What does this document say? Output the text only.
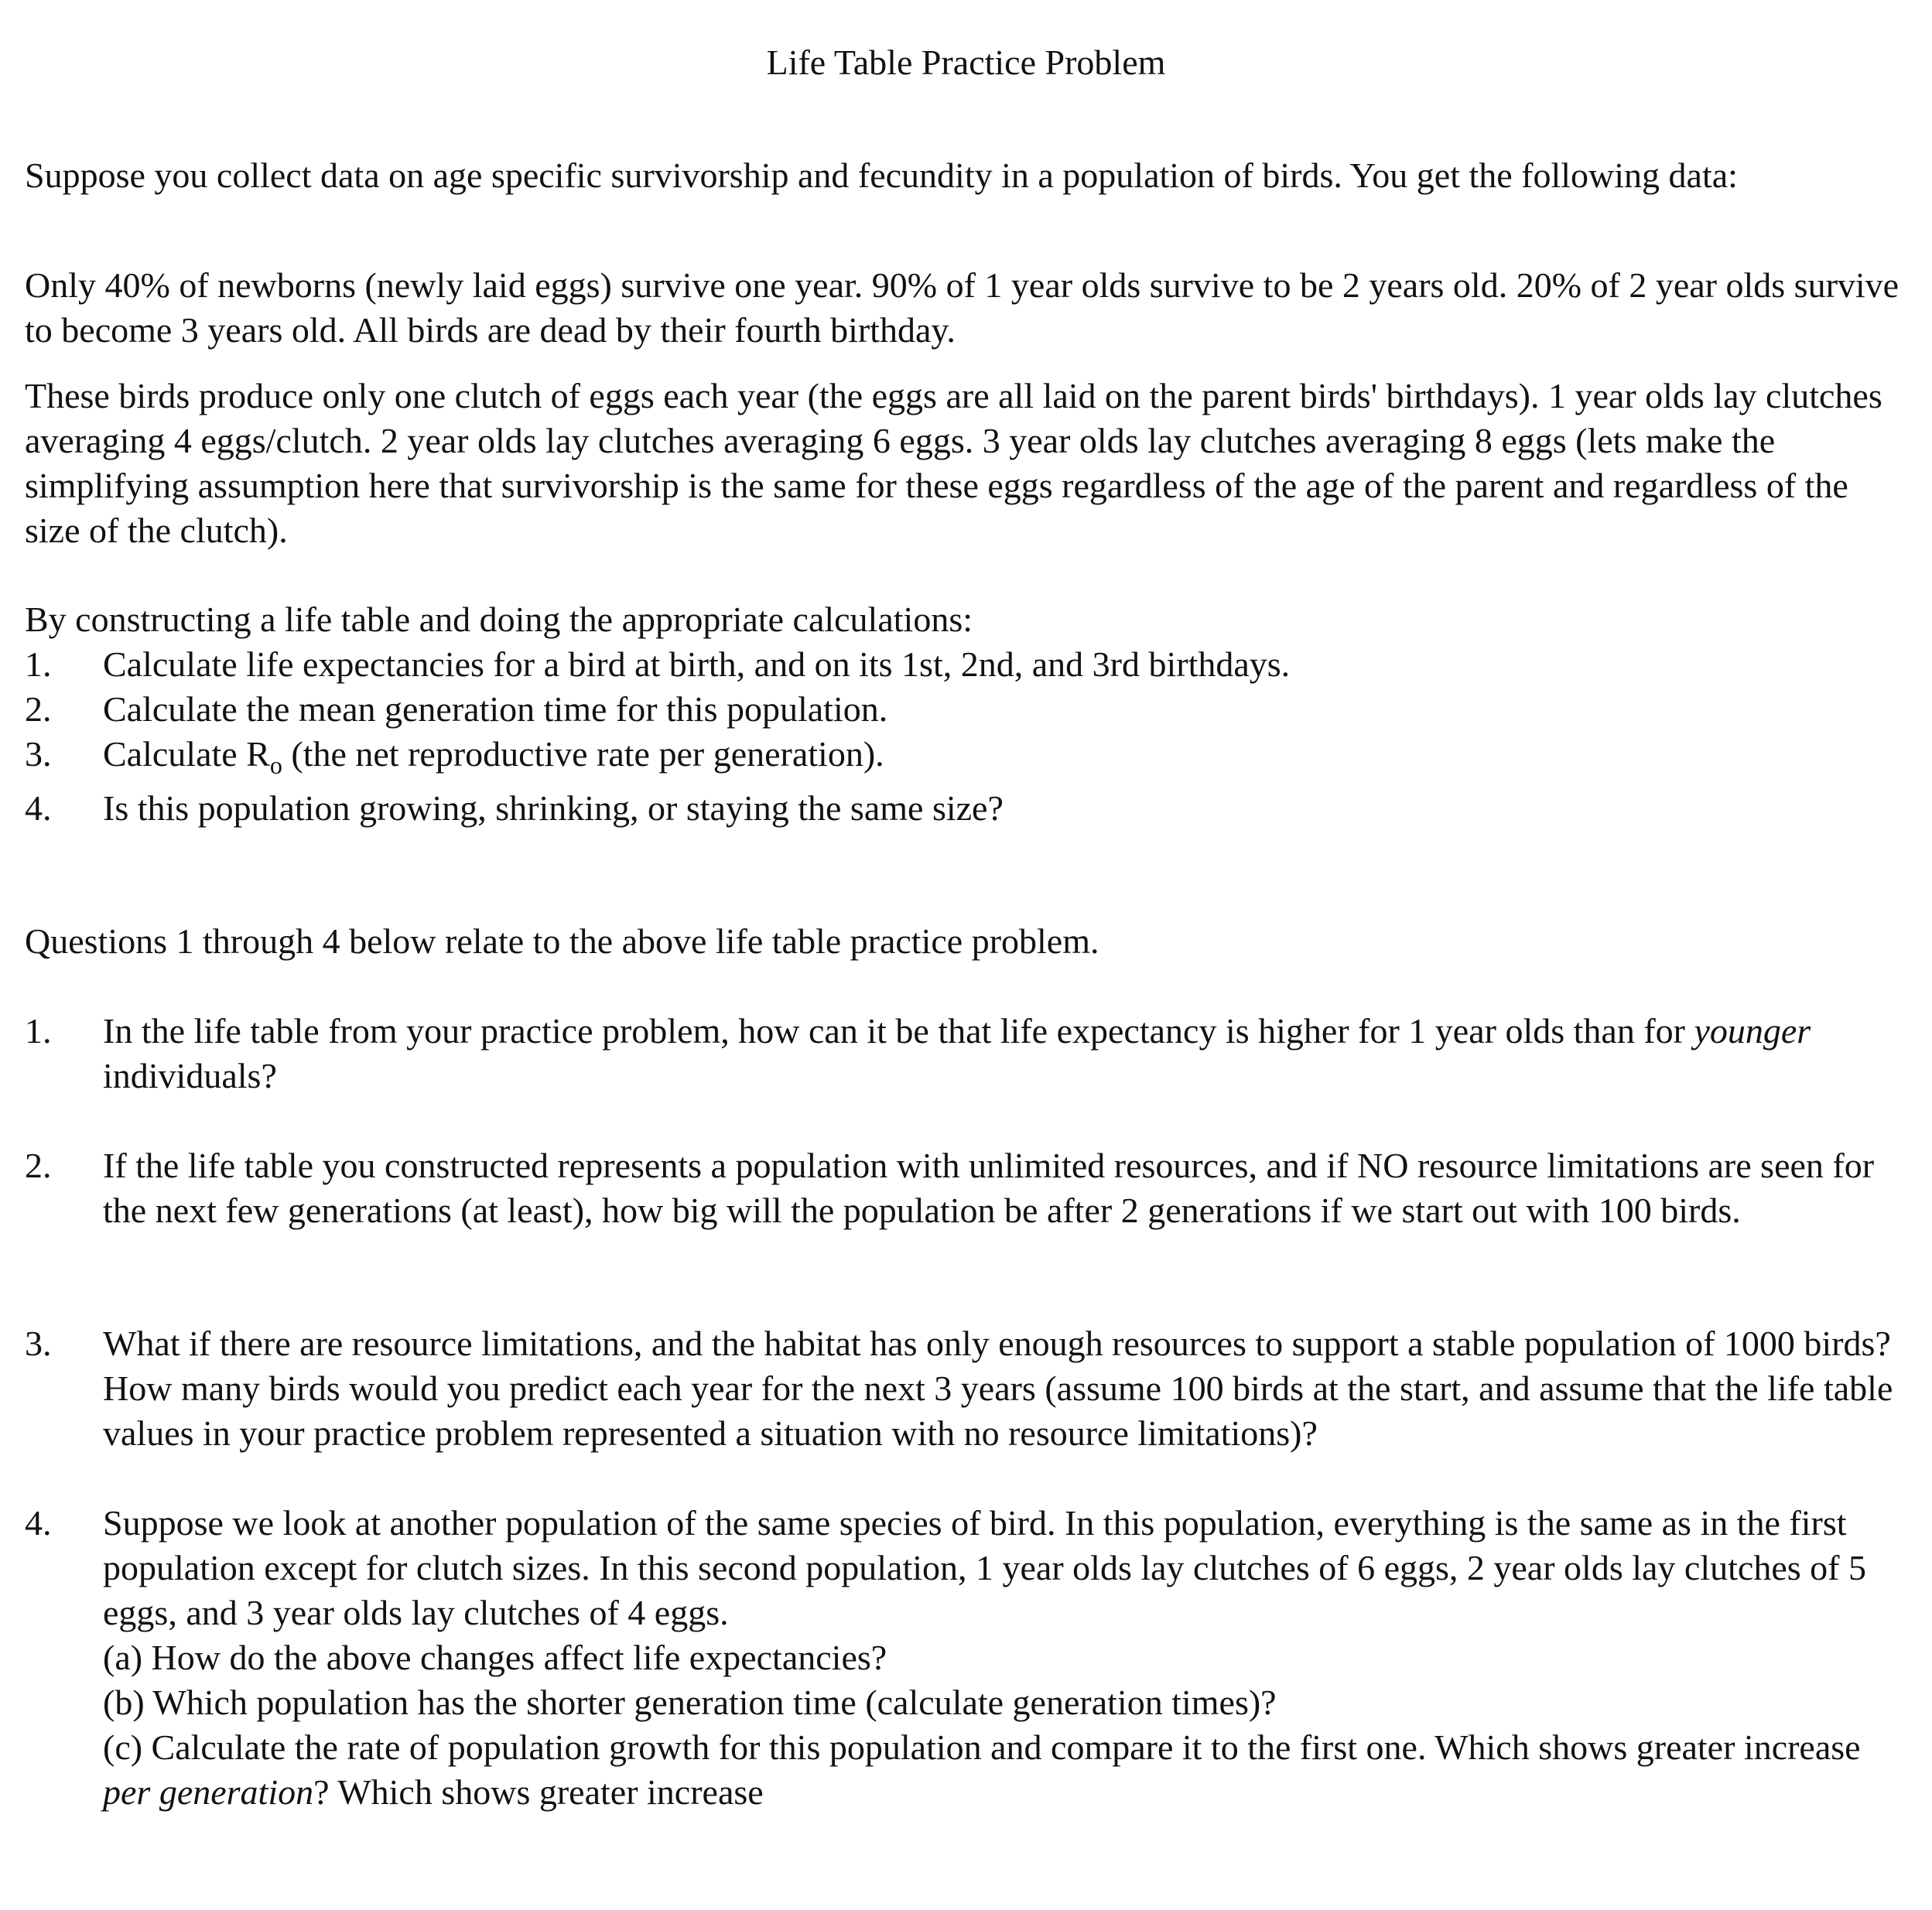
Life Table Practice Problem

Suppose you collect data on age specific survivorship and fecundity in a population of birds. You get the following data:

Only 40% of newborns (newly laid eggs) survive one year. 90% of 1 year olds survive to be 2 years old. 20% of 2 year olds survive to become 3 years old. All birds are dead by their fourth birthday.

These birds produce only one clutch of eggs each year (the eggs are all laid on the parent birds' birthdays). 1 year olds lay clutches averaging 4 eggs/clutch. 2 year olds lay clutches averaging 6 eggs. 3 year olds lay clutches averaging 8 eggs (lets make the simplifying assumption here that survivorship is the same for these eggs regardless of the age of the parent and regardless of the size of the clutch).

By constructing a life table and doing the appropriate calculations:

1.	Calculate life expectancies for a bird at birth, and on its 1st, 2nd, and 3rd birthdays.
2.	Calculate the mean generation time for this population.
3.	Calculate $R_o$ (the net reproductive rate per generation).
4.	Is this population growing, shrinking, or staying the same size?

Questions 1 through 4 below relate to the above life table practice problem.

1.	In the life table from your practice problem, how can it be that life expectancy is higher for 1 year olds than for younger individuals?
2.	If the life table you constructed represents a population with unlimited resources, and if NO resource limitations are seen for the next few generations (at least), how big will the population be after 2 generations if we start out with 100 birds.
3.	What if there are resource limitations, and the habitat has only enough resources to support a stable population of 1000 birds? How many birds would you predict each year for the next 3 years (assume 100 birds at the start, and assume that the life table values in your practice problem represented a situation with no resource limitations)?
4.	Suppose we look at another population of the same species of bird. In this population, everything is the same as in the first population except for clutch sizes. In this second population, 1 year olds lay clutches of 6 eggs, 2 year olds lay clutches of 5 eggs, and 3 year olds lay clutches of 4 eggs.
(a) How do the above changes affect life expectancies?
(b) Which population has the shorter generation time (calculate generation times)?
(c) Calculate the rate of population growth for this population and compare it to the first one. Which shows greater increase per generation? Which shows greater increase
